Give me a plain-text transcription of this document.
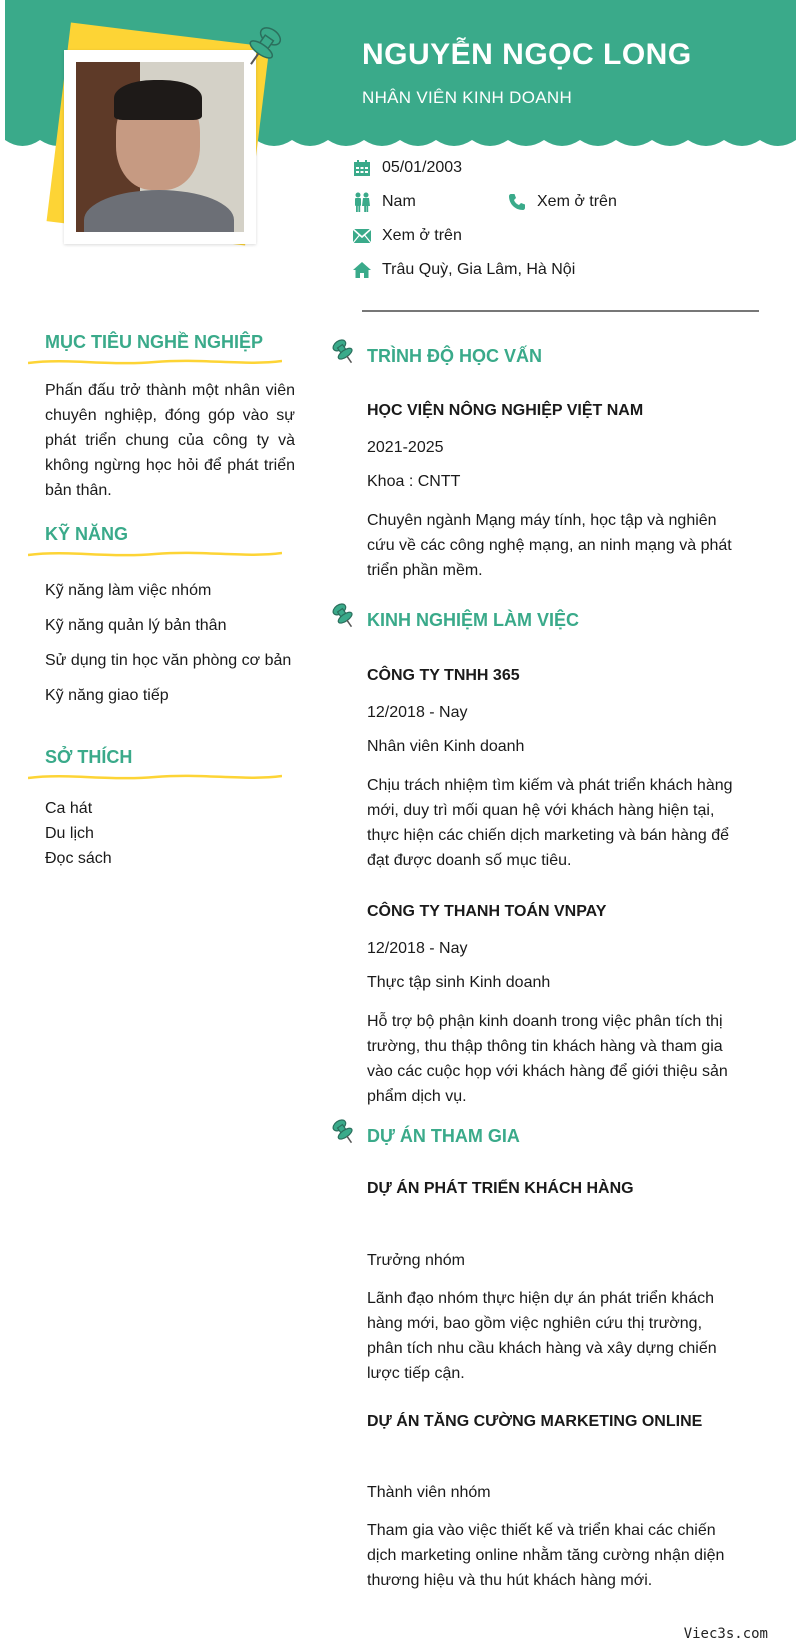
NGUYỄN NGỌC LONG
NHÂN VIÊN KINH DOANH
05/01/2003
Nam	Xem ở trên
Xem ở trên
Trâu Quỳ, Gia Lâm, Hà Nội
MỤC TIÊU NGHỀ NGHIỆP
Phấn đấu trở thành một nhân viên chuyên nghiệp, đóng góp vào sự phát triển chung của công ty và không ngừng học hỏi để phát triển bản thân.
KỸ NĂNG
Kỹ năng làm việc nhóm
Kỹ năng quản lý bản thân
Sử dụng tin học văn phòng cơ bản
Kỹ năng giao tiếp
SỞ THÍCH
Ca hát
Du lịch
Đọc sách
TRÌNH ĐỘ HỌC VẤN
HỌC VIỆN NÔNG NGHIỆP VIỆT NAM
2021-2025
Khoa : CNTT
Chuyên ngành Mạng máy tính, học tập và nghiên cứu về các công nghệ mạng, an ninh mạng và phát triển phần mềm.
KINH NGHIỆM LÀM VIỆC
CÔNG TY TNHH 365
12/2018 - Nay
Nhân viên Kinh doanh
Chịu trách nhiệm tìm kiếm và phát triển khách hàng mới, duy trì mối quan hệ với khách hàng hiện tại, thực hiện các chiến dịch marketing và bán hàng để đạt được doanh số mục tiêu.
CÔNG TY THANH TOÁN VNPAY
12/2018 - Nay
Thực tập sinh Kinh doanh
Hỗ trợ bộ phận kinh doanh trong việc phân tích thị trường, thu thập thông tin khách hàng và tham gia vào các cuộc họp với khách hàng để giới thiệu sản phẩm dịch vụ.
DỰ ÁN THAM GIA
DỰ ÁN PHÁT TRIỂN KHÁCH HÀNG
Trưởng nhóm
Lãnh đạo nhóm thực hiện dự án phát triển khách hàng mới, bao gồm việc nghiên cứu thị trường, phân tích nhu cầu khách hàng và xây dựng chiến lược tiếp cận.
DỰ ÁN TĂNG CƯỜNG MARKETING ONLINE
Thành viên nhóm
Tham gia vào việc thiết kế và triển khai các chiến dịch marketing online nhằm tăng cường nhận diện thương hiệu và thu hút khách hàng mới.
Viec3s.com
